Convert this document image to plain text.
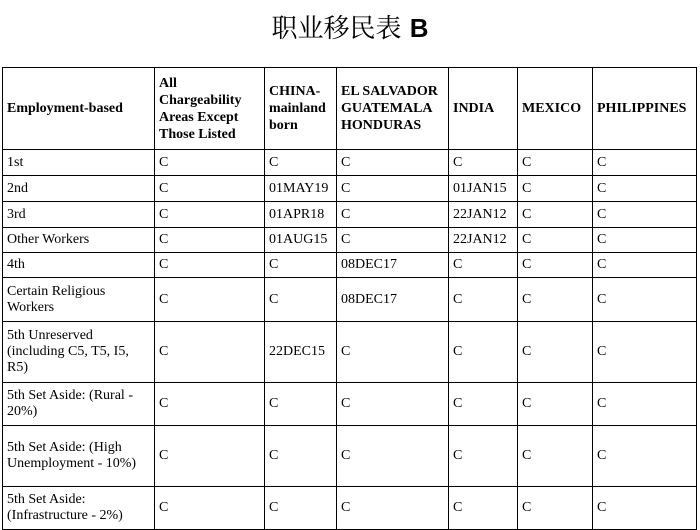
职业移民表 B
Employment-based	All Chargeability Areas Except Those Listed	CHINA-mainland born	EL SALVADOR GUATEMALA HONDURAS	INDIA	MEXICO	PHILIPPINES
1st	C	C	C	C	C	C
2nd	C	01MAY19	C	01JAN15	C	C
3rd	C	01APR18	C	22JAN12	C	C
Other Workers	C	01AUG15	C	22JAN12	C	C
4th	C	C	08DEC17	C	C	C
Certain Religious Workers	C	C	08DEC17	C	C	C
5th Unreserved (including C5, T5, I5, R5)	C	22DEC15	C	C	C	C
5th Set Aside: (Rural - 20%)	C	C	C	C	C	C
5th Set Aside: (High Unemployment - 10%)	C	C	C	C	C	C
5th Set Aside: (Infrastructure - 2%)	C	C	C	C	C	C
